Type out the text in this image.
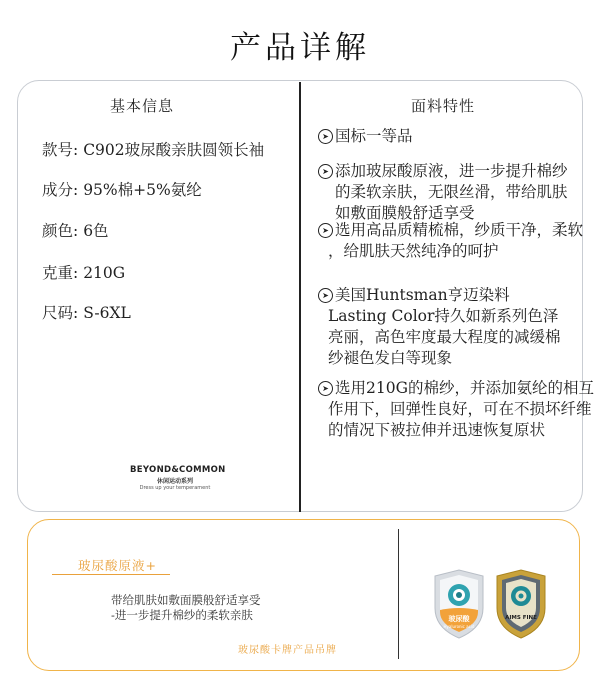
产品详解
基本信息	面料特性
款号: C902玻尿酸亲肤圆领长袖
成分: 95%棉+5%氨纶
颜色: 6色
克重: 210G
尺码: S-6XL
BEYOND&COMMON
休闲运动系列
Dress up your temperament
➤ 国标一等品
➤ 添加玻尿酸原液，进一步提升棉纱
的柔软亲肤，无限丝滑，带给肌肤
如敷面膜般舒适享受
➤ 选用高品质精梳棉，纱质干净，柔软
，给肌肤天然纯净的呵护
➤ 美国Huntsman亨迈染料
Lasting Color持久如新系列色泽
亮丽，高色牢度最大程度的减缓棉
纱褪色发白等现象
➤ 选用210G的棉纱，并添加氨纶的相互
作用下，回弹性良好，可在不损坏纤维
的情况下被拉伸并迅速恢复原状
玻尿酸原液+
带给肌肤如敷面膜般舒适享受
-进一步提升棉纱的柔软亲肤
玻尿酸卡牌产品吊牌
玻尿酸
Hyaluronic acid
AIMS FINE
